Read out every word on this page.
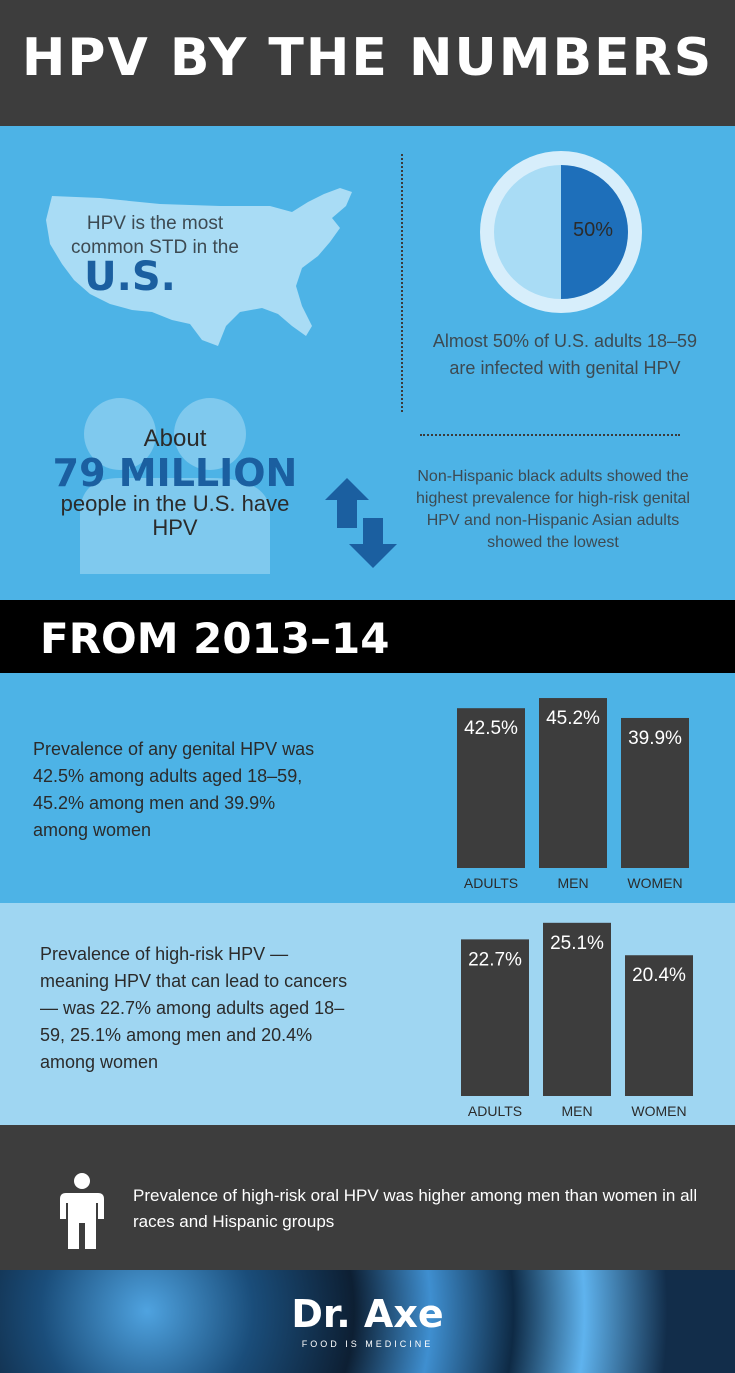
HPV BY THE NUMBERS
HPV is the most common STD in the
U.S.
50%
Almost 50% of U.S. adults 18–59 are infected with genital HPV
About
79 MILLION
people in the U.S. have HPV
Non-Hispanic black adults showed the highest prevalence for high-risk genital HPV and non-Hispanic Asian adults showed the lowest
FROM 2013–14
Prevalence of any genital HPV was 42.5% among adults aged 18–59, 45.2% among men and 39.9% among women
42.5%
ADULTS
45.2%
MEN
39.9%
WOMEN
Prevalence of high-risk HPV — meaning HPV that can lead to cancers — was 22.7% among adults aged 18–59, 25.1% among men and 20.4% among women
22.7%
ADULTS
25.1%
MEN
20.4%
WOMEN
Prevalence of high-risk oral HPV was higher among men than women in all races and Hispanic groups
Dr. Axe
FOOD IS MEDICINE
